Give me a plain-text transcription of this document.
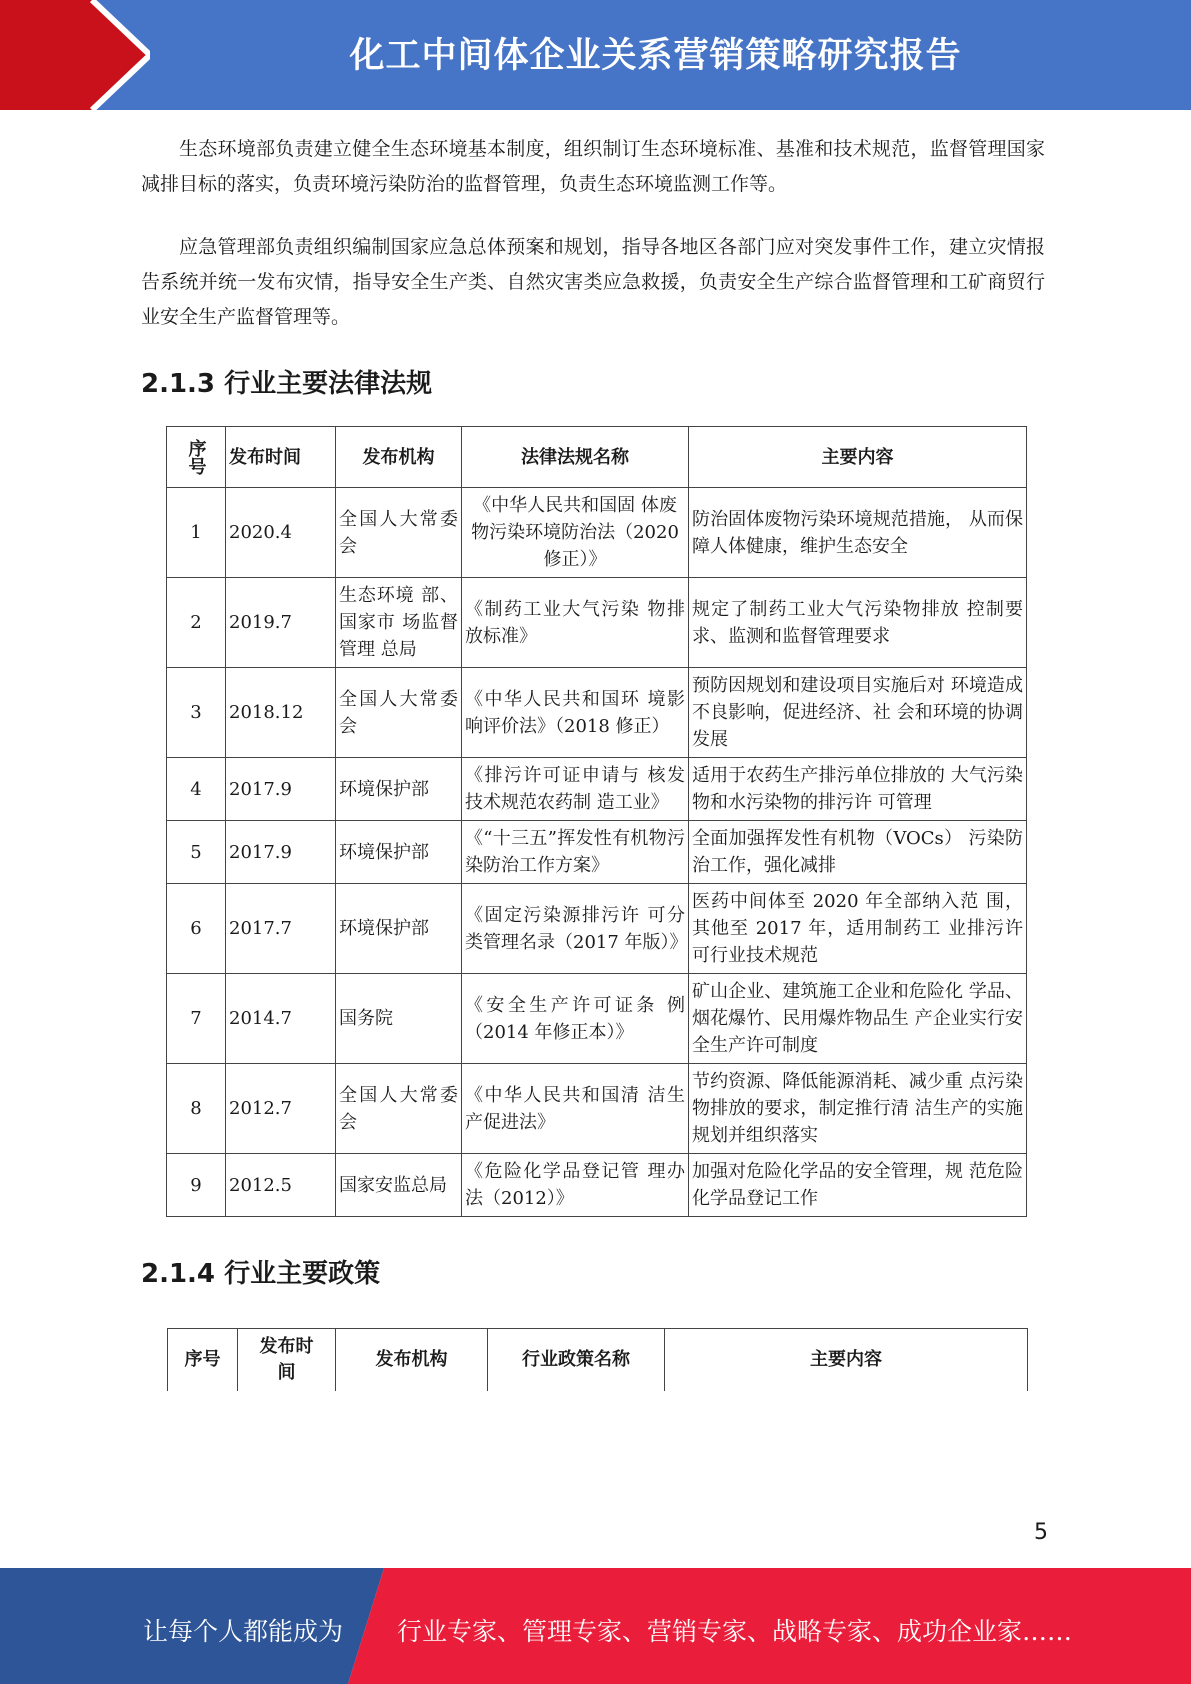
化工中间体企业关系营销策略研究报告

生态环境部负责建立健全生态环境基本制度，组织制订生态环境标准、基准和技术规范，监督管理国家减排目标的落实，负责环境污染防治的监督管理，负责生态环境监测工作等。

应急管理部负责组织编制国家应急总体预案和规划，指导各地区各部门应对突发事件工作，建立灾情报告系统并统一发布灾情，指导安全生产类、自然灾害类应急救援，负责安全生产综合监督管理和工矿商贸行业安全生产监督管理等。

2.1.3 行业主要法律法规
序号	发布时间	发布机构	法律法规名称	主要内容
1	2020.4	全国人大常委会	《中华人民共和国固 体废物污染环境防治法（2020 修正）》	防治固体废物污染环境规范措施， 从而保障人体健康，维护生态安全
2	2019.7	生态环境 部、国家市 场监督管理 总局	《制药工业大气污染 物排放标准》	规定了制药工业大气污染物排放 控制要求、监测和监督管理要求
3	2018.12	全国人大常委会	《中华人民共和国环 境影响评价法》（2018 修正）	预防因规划和建设项目实施后对 环境造成不良影响，促进经济、社 会和环境的协调发展
4	2017.9	环境保护部	《排污许可证申请与 核发技术规范农药制 造工业》	适用于农药生产排污单位排放的 大气污染物和水污染物的排污许 可管理
5	2017.9	环境保护部	《“十三五”挥发性有机物污染防治工作方案》	全面加强挥发性有机物（VOCs） 污染防治工作，强化减排
6	2017.7	环境保护部	《固定污染源排污许 可分类管理名录（2017 年版）》	医药中间体至 2020 年全部纳入范 围，其他至 2017 年，适用制药工 业排污许可行业技术规范
7	2014.7	国务院	《安全生产许可证条 例（2014 年修正本）》	矿山企业、建筑施工企业和危险化 学品、烟花爆竹、民用爆炸物品生 产企业实行安全生产许可制度
8	2012.7	全国人大常委会	《中华人民共和国清 洁生产促进法》	节约资源、降低能源消耗、减少重 点污染物排放的要求，制定推行清 洁生产的实施规划并组织落实
9	2012.5	国家安监总局	《危险化学品登记管 理办法（2012）》	加强对危险化学品的安全管理，规 范危险化学品登记工作
2.1.4 行业主要政策
序号	发布时间	发布机构	行业政策名称	主要内容
5
让每个人都能成为 行业专家、管理专家、营销专家、战略专家、成功企业家……
